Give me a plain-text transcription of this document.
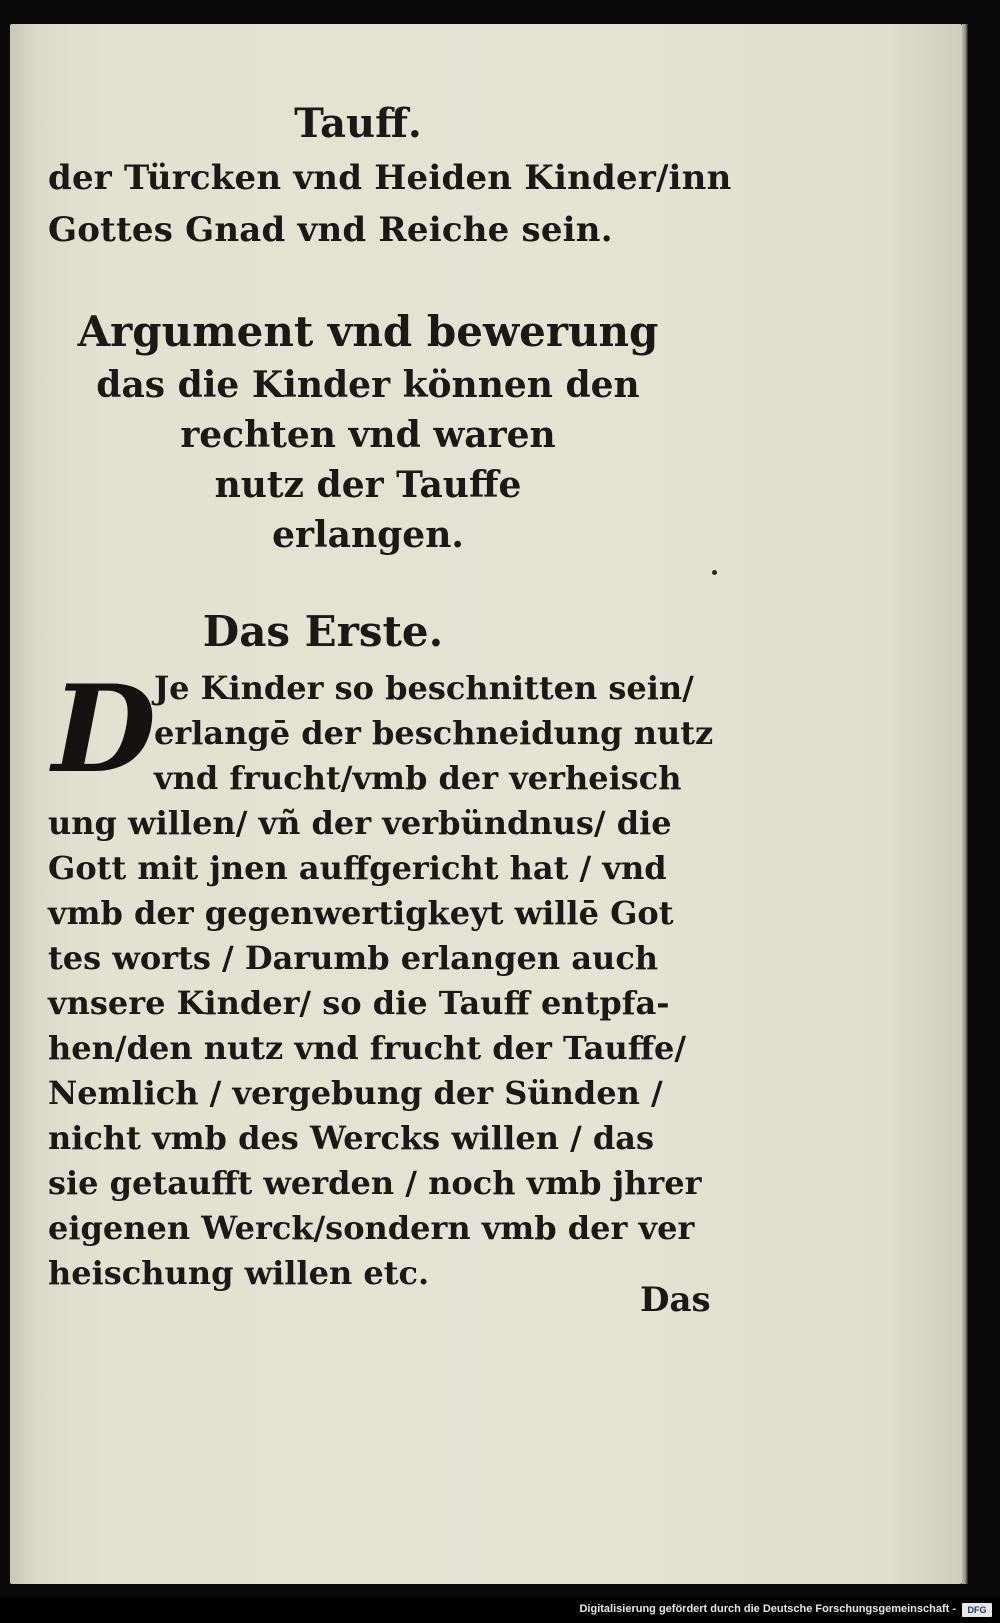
Tauff.
der Türcken vnd Heiden Kinder/inn
Gottes Gnad vnd Reiche sein.
Argument vnd bewerung
das die Kinder können den
rechten vnd waren
nutz der Tauffe
erlangen.
Das Erste.
D
Je Kinder so beschnitten sein/
erlangē der beschneidung nutz
vnd frucht/vmb der verheisch
ung willen/ vñ der verbündnus/ die
Gott mit jnen auffgericht hat / vnd
vmb der gegenwertigkeyt willē Got
tes worts / Darumb erlangen auch
vnsere Kinder/ so die Tauff entpfa-
hen/den nutz vnd frucht der Tauffe/
Nemlich / vergebung der Sünden /
nicht vmb des Wercks willen / das
sie getaufft werden / noch vmb jhrer
eigenen Werck/sondern vmb der ver
heischung willen etc.
Das
Digitalisierung gefördert durch die Deutsche Forschungsgemeinschaft -	DFG
